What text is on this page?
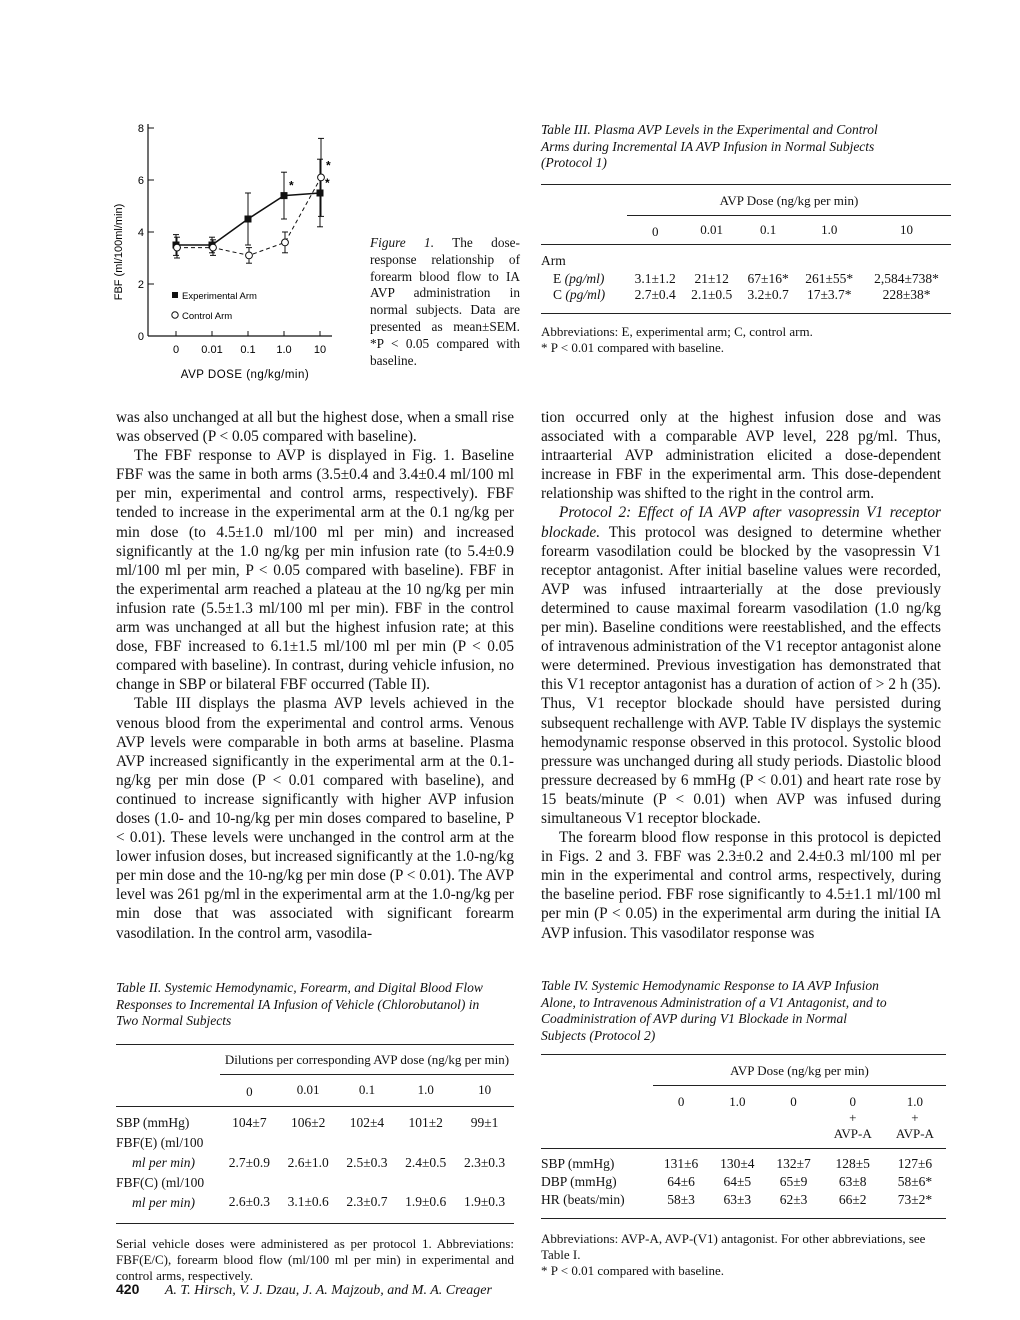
FBF (ml/100ml/min)
AVP DOSE (ng/kg/min)
Experimental Arm
Control Arm
0
2
4
6
8
0 0.01 0.1 1.0 10
*	*
*
Figure 1. The dose-response relationship of forearm blood flow to IA AVP administration in normal subjects. Data are presented as mean±SEM. *P < 0.05 compared with baseline.
Table III. Plasma AVP Levels in the Experimental and Control Arms during Incremental IA AVP Infusion in Normal Subjects (Protocol 1)

	AVP Dose (ng/kg per min)				
	0	0.01	0.1	1.0	10

Arm					
E (pg/ml)	3.1±1.2	21±12	67±16*	261±55*	2,584±738*
C (pg/ml)	2.7±0.4	2.1±0.5	3.2±0.7	17±3.7*	228±38*

Abbreviations: E, experimental arm; C, control arm.
* P < 0.01 compared with baseline.

was also unchanged at all but the highest dose, when a small rise was observed (P < 0.05 compared with baseline).

The FBF response to AVP is displayed in Fig. 1. Baseline FBF was the same in both arms (3.5±0.4 and 3.4±0.4 ml/100 ml per min, experimental and control arms, respectively). FBF tended to increase in the experimental arm at the 0.1 ng/kg per min dose (to 4.5±1.0 ml/100 ml per min) and increased significantly at the 1.0 ng/kg per min infusion rate (to 5.4±0.9 ml/100 ml per min, P < 0.05 compared with baseline). FBF in the experimental arm reached a plateau at the 10 ng/kg per min infusion rate (5.5±1.3 ml/100 ml per min). FBF in the control arm was unchanged at all but the highest infusion rate; at this dose, FBF increased to 6.1±1.5 ml/100 ml per min (P < 0.05 compared with baseline). In contrast, during vehicle infusion, no change in SBP or bilateral FBF occurred (Table II).

Table III displays the plasma AVP levels achieved in the venous blood from the experimental and control arms. Venous AVP levels were comparable in both arms at baseline. Plasma AVP increased significantly in the experimental arm at the 0.1-ng/kg per min dose (P < 0.01 compared with baseline), and continued to increase significantly with higher AVP infusion doses (1.0- and 10-ng/kg per min doses compared to baseline, P < 0.01). These levels were unchanged in the control arm at the lower infusion doses, but increased significantly at the 1.0-ng/kg per min dose and the 10-ng/kg per min dose (P < 0.01). The AVP level was 261 pg/ml in the experimental arm at the 1.0-ng/kg per min dose that was associated with significant forearm vasodilation. In the control arm, vasodila-

tion occurred only at the highest infusion dose and was associated with a comparable AVP level, 228 pg/ml. Thus, intraarterial AVP administration elicited a dose-dependent increase in FBF in the experimental arm. This dose-dependent relationship was shifted to the right in the control arm.

Protocol 2: Effect of IA AVP after vasopressin V1 receptor blockade. This protocol was designed to determine whether forearm vasodilation could be blocked by the vasopressin V1 receptor antagonist. After initial baseline values were recorded, AVP was infused intraarterially at the dose previously determined to cause maximal forearm vasodilation (1.0 ng/kg per min). Baseline conditions were reestablished, and the effects of intravenous administration of the V1 receptor antagonist alone were determined. Previous investigation has demonstrated that this V1 receptor antagonist has a duration of action of > 2 h (35). Thus, V1 receptor blockade should have persisted during subsequent rechallenge with AVP. Table IV displays the systemic hemodynamic response observed in this protocol. Systolic blood pressure was unchanged during all study periods. Diastolic blood pressure decreased by 6 mmHg (P < 0.01) and heart rate rose by 15 beats/minute (P < 0.01) when AVP was infused during simultaneous V1 receptor blockade.

The forearm blood flow response in this protocol is depicted in Figs. 2 and 3. FBF was 2.3±0.2 and 2.4±0.3 ml/100 ml per min in the experimental and control arms, respectively, during the baseline period. FBF rose significantly to 4.5±1.1 ml/100 ml per min (P < 0.05) in the experimental arm during the initial IA AVP infusion. This vasodilator response was

Table II. Systemic Hemodynamic, Forearm, and Digital Blood Flow Responses to Incremental IA Infusion of Vehicle (Chlorobutanol) in Two Normal Subjects

	Dilutions per corresponding AVP dose (ng/kg per min)				
	0	0.01	0.1	1.0	10

SBP (mmHg)	104±7	106±2	102±4	101±2	99±1
FBF(E) (ml/100					
ml per min)	2.7±0.9	2.6±1.0	2.5±0.3	2.4±0.5	2.3±0.3
FBF(C) (ml/100					
ml per min)	2.6±0.3	3.1±0.6	2.3±0.7	1.9±0.6	1.9±0.3

Serial vehicle doses were administered as per protocol 1. Abbreviations: FBF(E/C), forearm blood flow (ml/100 ml per min) in experimental and control arms, respectively.
Table IV. Systemic Hemodynamic Response to IA AVP Infusion Alone, to Intravenous Administration of a V1 Antagonist, and to Coadministration of AVP during V1 Blockade in Normal Subjects (Protocol 2)

	AVP Dose (ng/kg per min)				
	0	1.0	0	0	1.0
				+	+
				AVP-A	AVP-A

SBP (mmHg)	131±6	130±4	132±7	128±5	127±6
DBP (mmHg)	64±6	64±5	65±9	63±8	58±6*
HR (beats/min)	58±3	63±3	62±3	66±2	73±2*

Abbreviations: AVP-A, AVP-(V1) antagonist. For other abbreviations, see Table I.
* P < 0.01 compared with baseline.
420 A. T. Hirsch, V. J. Dzau, J. A. Majzoub, and M. A. Creager
